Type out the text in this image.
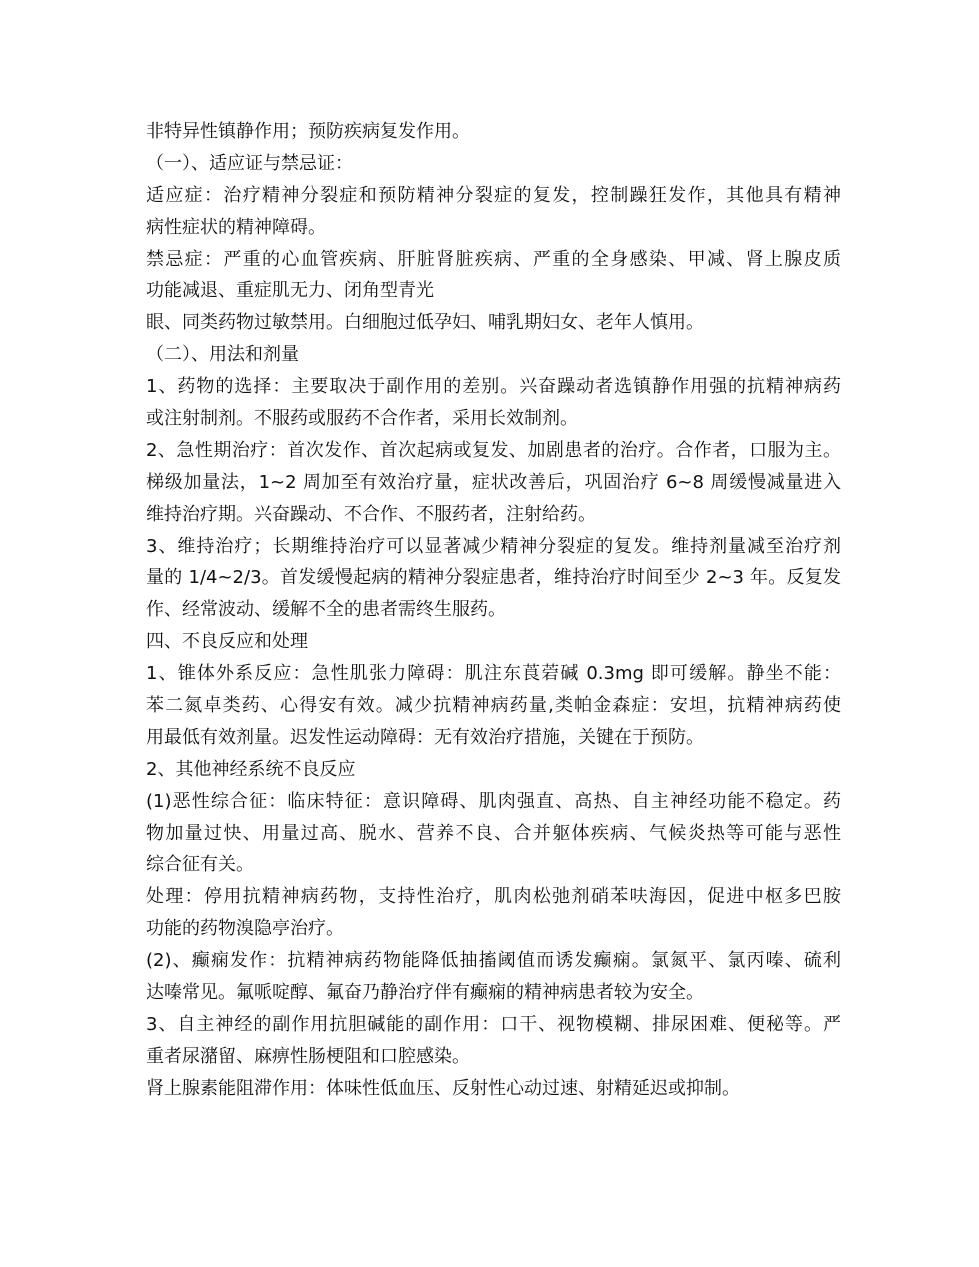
非特异性镇静作用；预防疾病复发作用。
（一）、适应证与禁忌证：
适应症：治疗精神分裂症和预防精神分裂症的复发，控制躁狂发作，其他具有精神
病性症状的精神障碍。
禁忌症：严重的心血管疾病、肝脏肾脏疾病、严重的全身感染、甲减、肾上腺皮质
功能减退、重症肌无力、闭角型青光
眼、同类药物过敏禁用。白细胞过低孕妇、哺乳期妇女、老年人慎用。
（二）、用法和剂量
1、药物的选择：主要取决于副作用的差别。兴奋躁动者选镇静作用强的抗精神病药
或注射制剂。不服药或服药不合作者，采用长效制剂。
2、急性期治疗：首次发作、首次起病或复发、加剧患者的治疗。合作者，口服为主。
梯级加量法，1~2 周加至有效治疗量，症状改善后，巩固治疗 6~8 周缓慢减量进入
维持治疗期。兴奋躁动、不合作、不服药者，注射给药。
3、维持治疗；长期维持治疗可以显著减少精神分裂症的复发。维持剂量减至治疗剂
量的 1/4~2/3。首发缓慢起病的精神分裂症患者，维持治疗时间至少 2~3 年。反复发
作、经常波动、缓解不全的患者需终生服药。
四、不良反应和处理
1、锥体外系反应：急性肌张力障碍：肌注东莨菪碱 0.3mg 即可缓解。静坐不能：
苯二氮卓类药、心得安有效。减少抗精神病药量,类帕金森症：安坦，抗精神病药使
用最低有效剂量。迟发性运动障碍：无有效治疗措施，关键在于预防。
2、其他神经系统不良反应
(1)恶性综合征：临床特征：意识障碍、肌肉强直、高热、自主神经功能不稳定。药
物加量过快、用量过高、脱水、营养不良、合并躯体疾病、气候炎热等可能与恶性
综合征有关。
处理：停用抗精神病药物，支持性治疗，肌肉松弛剂硝苯呋海因，促进中枢多巴胺
功能的药物溴隐亭治疗。
(2)、癫痫发作：抗精神病药物能降低抽搐阈值而诱发癫痫。氯氮平、氯丙嗪、硫利
达嗪常见。氟哌啶醇、氟奋乃静治疗伴有癫痫的精神病患者较为安全。
3、自主神经的副作用抗胆碱能的副作用：口干、视物模糊、排尿困难、便秘等。严
重者尿潴留、麻痹性肠梗阻和口腔感染。
肾上腺素能阻滞作用：体味性低血压、反射性心动过速、射精延迟或抑制。
